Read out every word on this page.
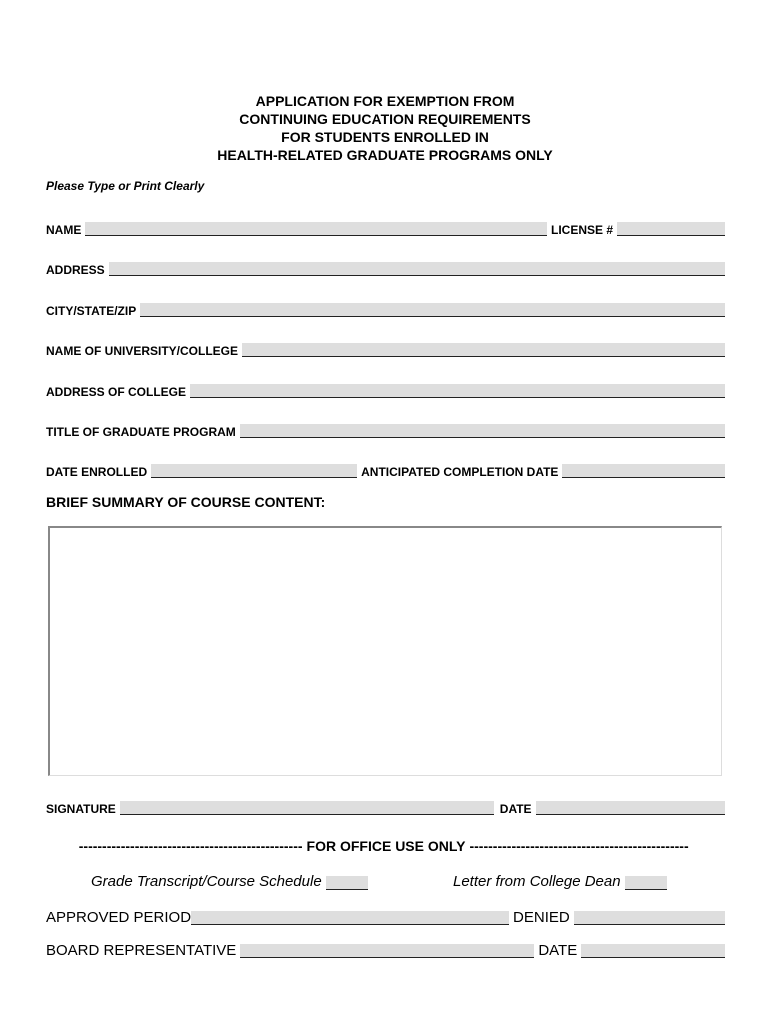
APPLICATION FOR EXEMPTION FROM
CONTINUING EDUCATION REQUIREMENTS
FOR STUDENTS ENROLLED IN
HEALTH-RELATED GRADUATE PROGRAMS ONLY
Please Type or Print Clearly
NAME	LICENSE #
ADDRESS
CITY/STATE/ZIP
NAME OF UNIVERSITY/COLLEGE
ADDRESS OF COLLEGE
TITLE OF GRADUATE PROGRAM
DATE ENROLLED	ANTICIPATED COMPLETION DATE
BRIEF SUMMARY OF COURSE CONTENT:
SIGNATURE	DATE
------------------------------------------------ FOR OFFICE USE ONLY -----------------------------------------------
Grade Transcript/Course Schedule	Letter from College Dean
APPROVED PERIOD	DENIED
BOARD REPRESENTATIVE	DATE
